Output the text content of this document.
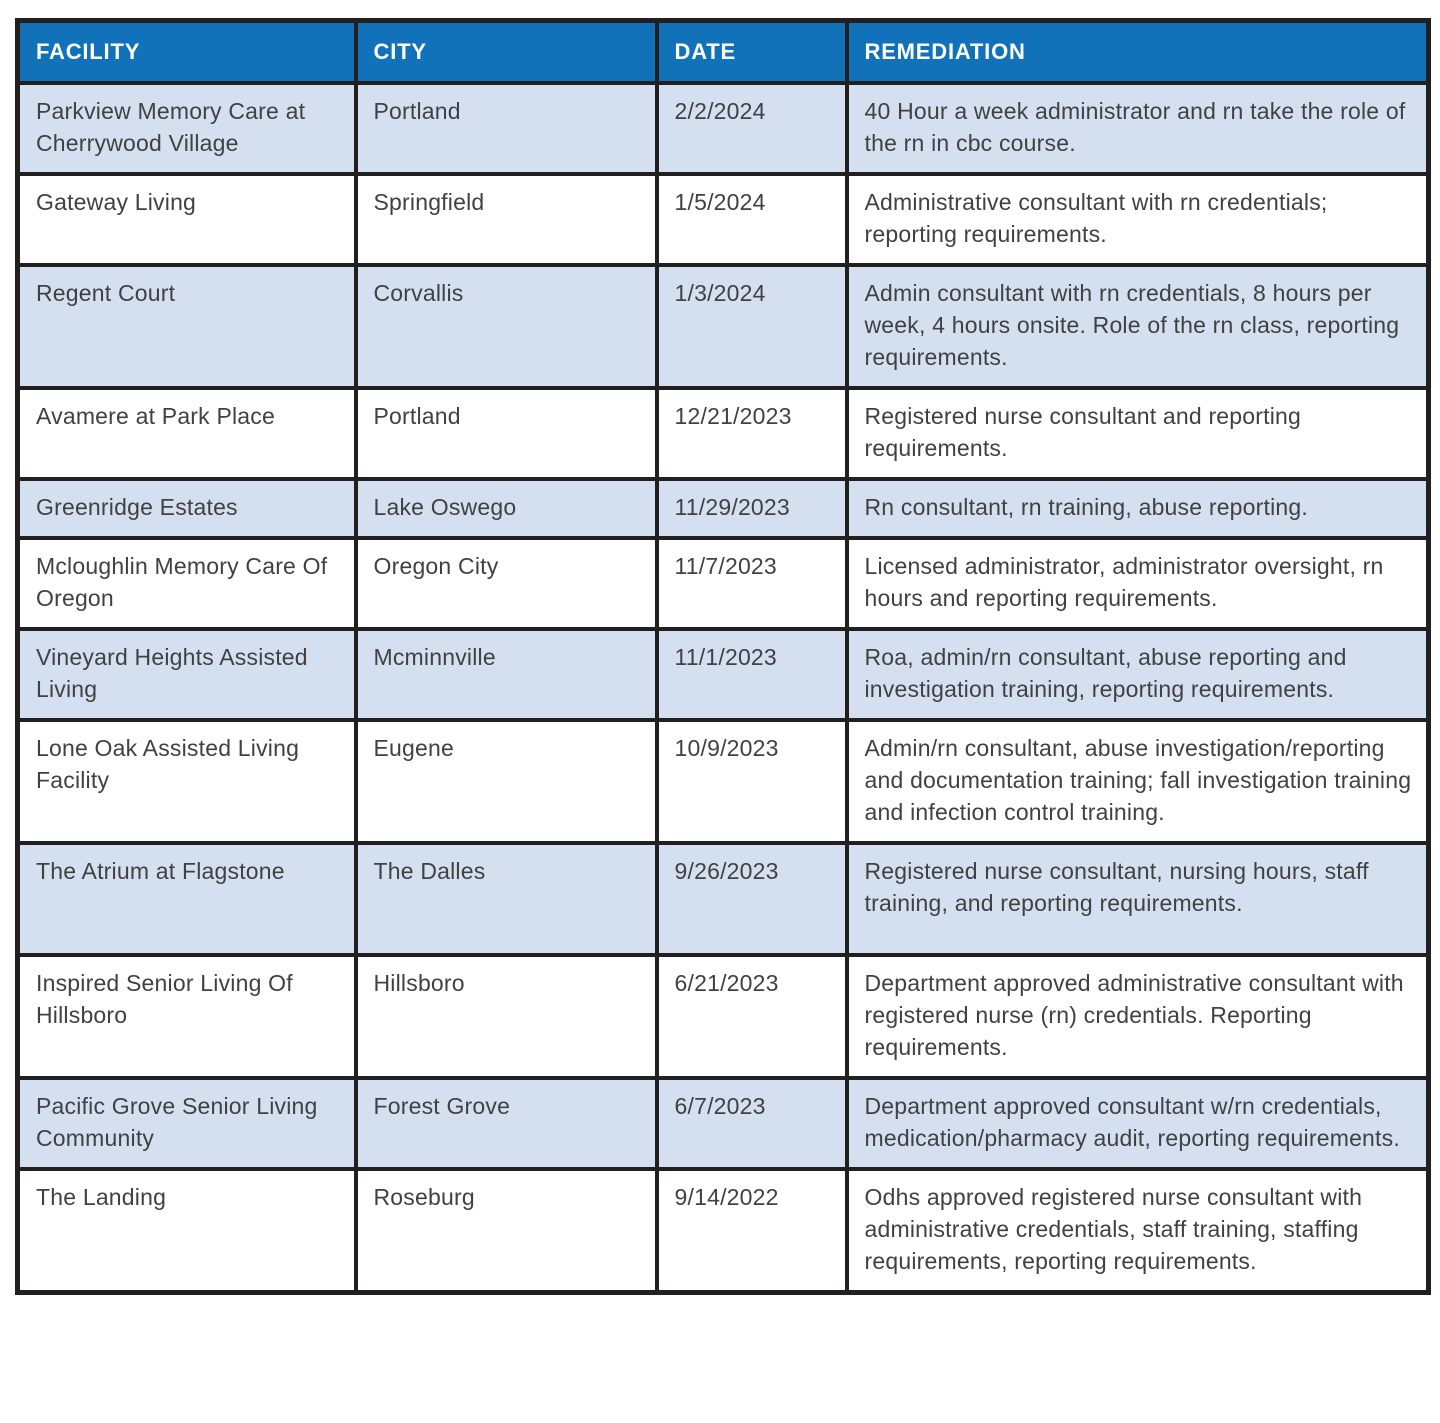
FACILITY	CITY	DATE	REMEDIATION
Parkview Memory Care at Cherrywood Village	Portland	2/2/2024	40 Hour a week administrator and rn take the role of the rn in cbc course.
Gateway Living	Springfield	1/5/2024	Administrative consultant with rn credentials; reporting requirements.
Regent Court	Corvallis	1/3/2024	Admin consultant with rn credentials, 8 hours per week, 4 hours onsite. Role of the rn class, reporting requirements.
Avamere at Park Place	Portland	12/21/2023	Registered nurse consultant and reporting requirements.
Greenridge Estates	Lake Oswego	11/29/2023	Rn consultant, rn training, abuse reporting.
Mcloughlin Memory Care Of Oregon	Oregon City	11/7/2023	Licensed administrator, administrator oversight, rn hours and reporting requirements.
Vineyard Heights Assisted Living	Mcminnville	11/1/2023	Roa, admin/rn consultant, abuse reporting and investigation training, reporting requirements.
Lone Oak Assisted Living Facility	Eugene	10/9/2023	Admin/rn consultant, abuse investigation/reporting and documentation training; fall investigation training and infection control training.
The Atrium at Flagstone	The Dalles	9/26/2023	Registered nurse consultant, nursing hours, staff training, and reporting requirements.
Inspired Senior Living Of Hillsboro	Hillsboro	6/21/2023	Department approved administrative consultant with registered nurse (rn) credentials. Reporting requirements.
Pacific Grove Senior Living Community	Forest Grove	6/7/2023	Department approved consultant w/rn credentials, medication/pharmacy audit, reporting requirements.
The Landing	Roseburg	9/14/2022	Odhs approved registered nurse consultant with administrative credentials, staff training, staffing requirements, reporting requirements.
